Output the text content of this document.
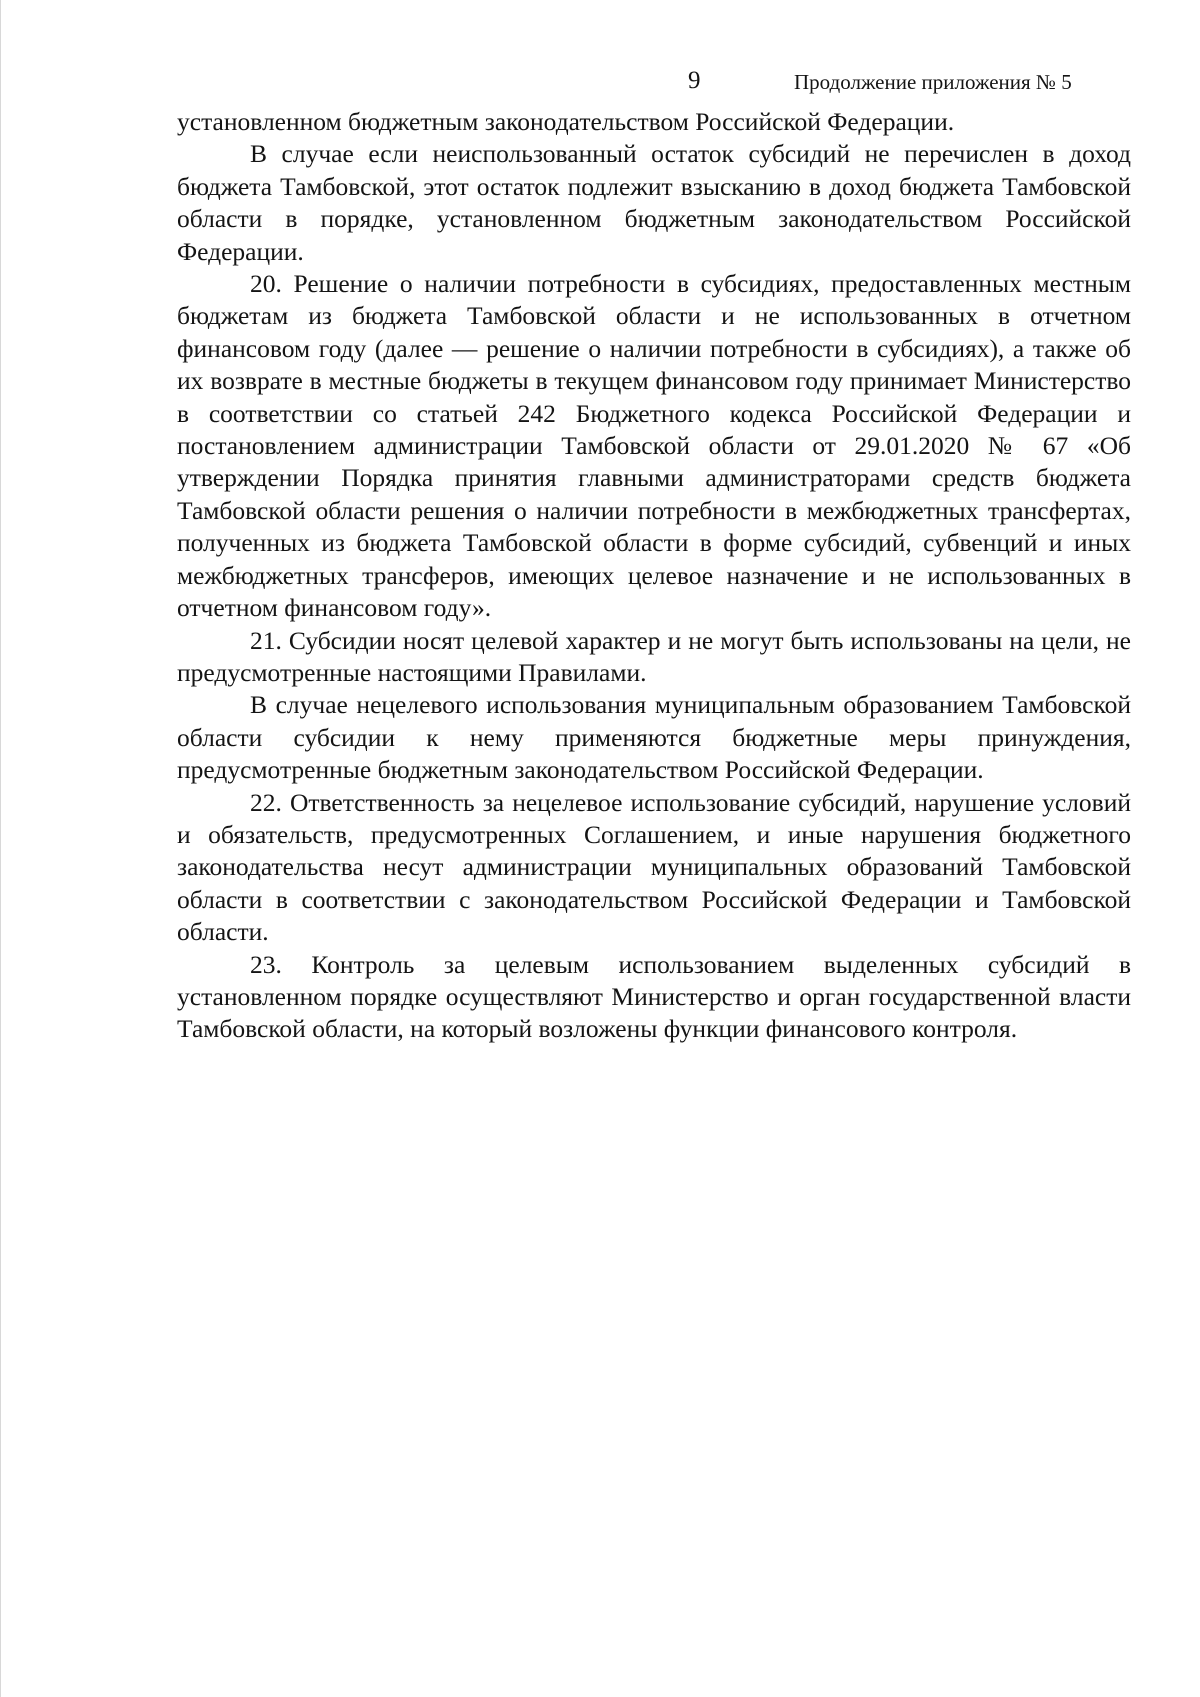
9	Продолжение приложения № 5

установленном бюджетным законодательством Российской Федерации.

В случае если неиспользованный остаток субсидий не перечислен в доход бюджета Тамбовской, этот остаток подлежит взысканию в доход бюджета Тамбовской области в порядке, установленном бюджетным законодательством Российской Федерации.

20. Решение о наличии потребности в субсидиях, предоставленных местным бюджетам из бюджета Тамбовской области и не использованных в отчетном финансовом году (далее — решение о наличии потребности в субсидиях), а также об их возврате в местные бюджеты в текущем финансовом году принимает Министерство в соответствии со статьей 242 Бюджетного кодекса Российской Федерации и постановлением администрации Тамбовской области от 29.01.2020 № 67 «Об утверждении Порядка принятия главными администраторами средств бюджета Тамбовской области решения о наличии потребности в межбюджетных трансфертах, полученных из бюджета Тамбовской области в форме субсидий, субвенций и иных межбюджетных трансферов, имеющих целевое назначение и не использованных в отчетном финансовом году».

21. Субсидии носят целевой характер и не могут быть использованы на цели, не предусмотренные настоящими Правилами.

В случае нецелевого использования муниципальным образованием Тамбовской области субсидии к нему применяются бюджетные меры принуждения, предусмотренные бюджетным законодательством Российской Федерации.

22. Ответственность за нецелевое использование субсидий, нарушение условий и обязательств, предусмотренных Соглашением, и иные нарушения бюджетного законодательства несут администрации муниципальных образований Тамбовской области в соответствии с законодательством Российской Федерации и Тамбовской области.

23. Контроль за целевым использованием выделенных субсидий в установленном порядке осуществляют Министерство и орган государственной власти Тамбовской области, на который возложены функции финансового контроля.
